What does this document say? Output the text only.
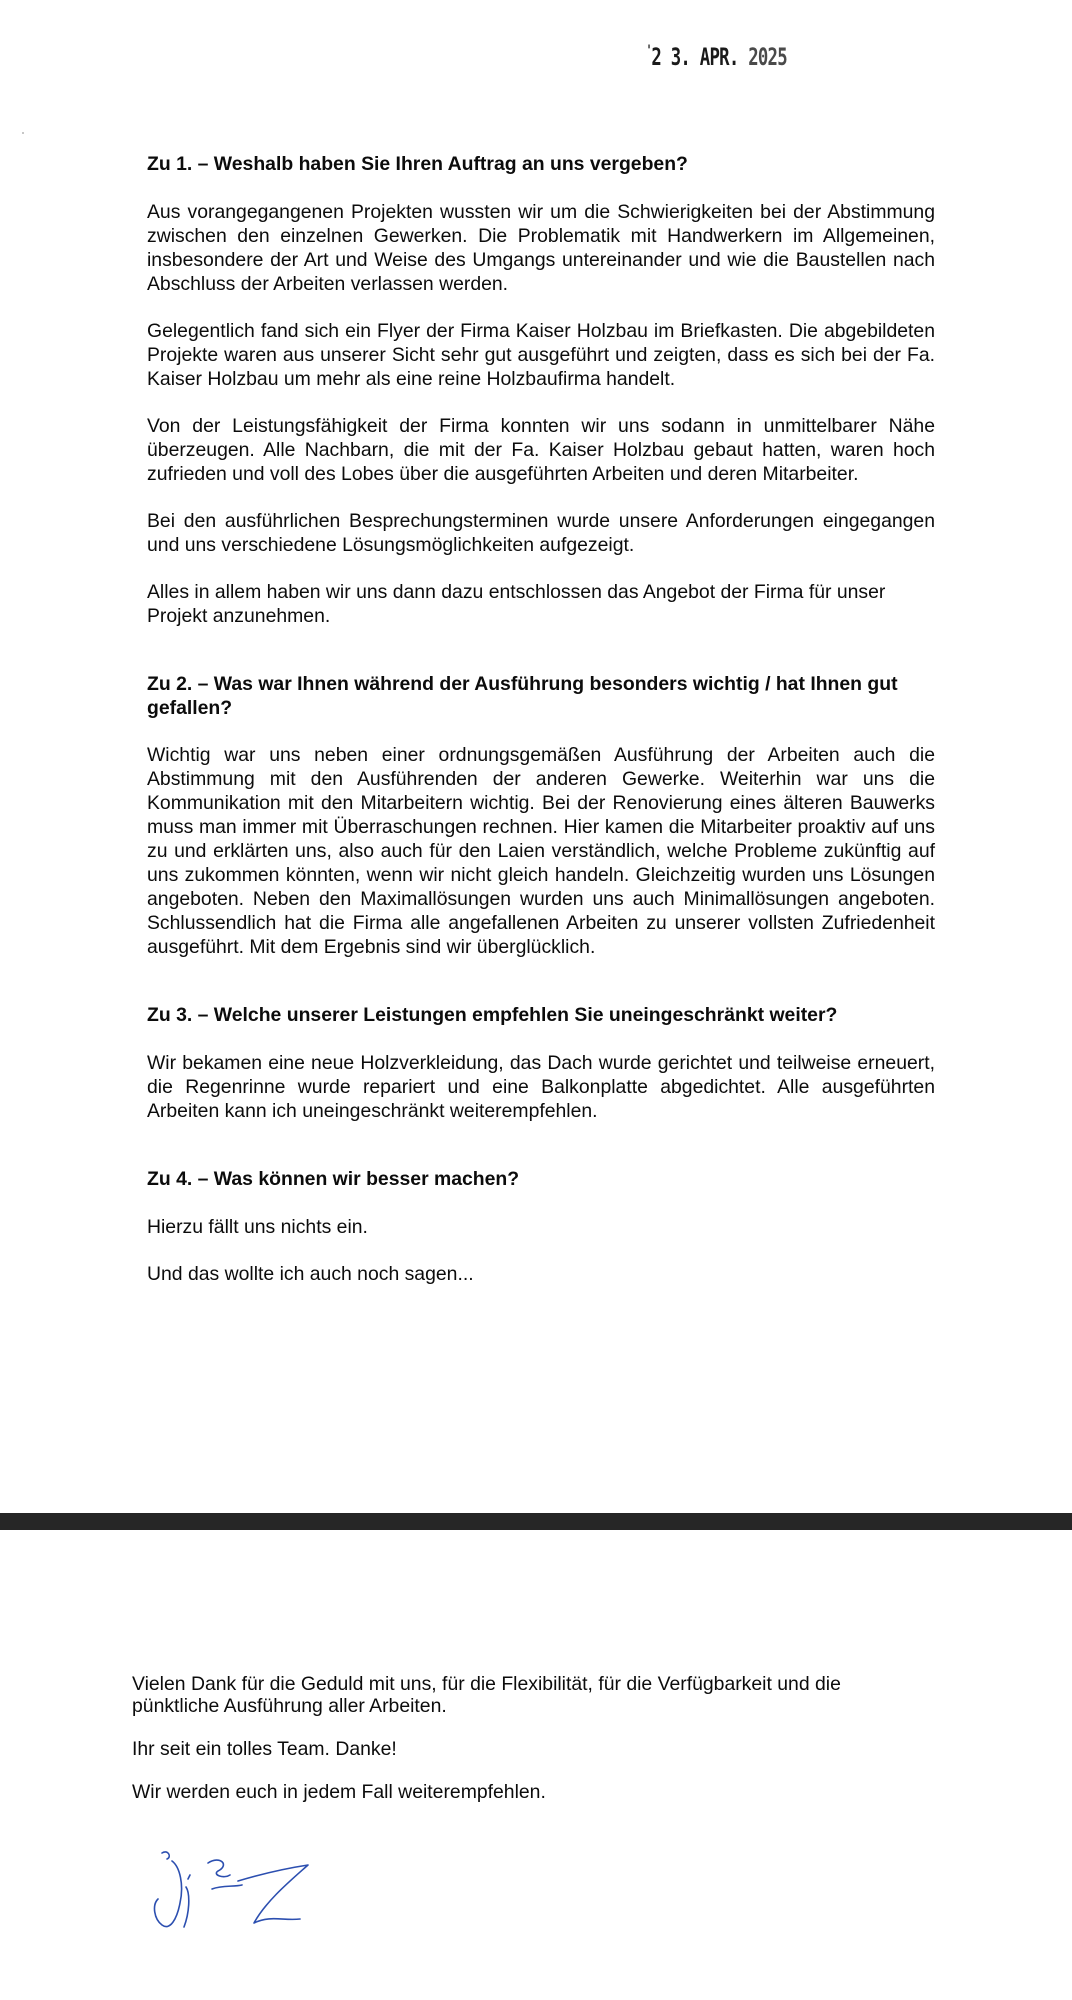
'2 3. APR. 2025
Zu 1. – Weshalb haben Sie Ihren Auftrag an uns vergeben?

Aus vorangegangenen Projekten wussten wir um die Schwierigkeiten bei der Abstimmung zwischen den einzelnen Gewerken. Die Problematik mit Handwerkern im Allgemeinen, insbesondere der Art und Weise des Umgangs untereinander und wie die Baustellen nach Abschluss der Arbeiten verlassen werden.

Gelegentlich fand sich ein Flyer der Firma Kaiser Holzbau im Briefkasten. Die abgebildeten Projekte waren aus unserer Sicht sehr gut ausgeführt und zeigten, dass es sich bei der Fa. Kaiser Holzbau um mehr als eine reine Holzbaufirma handelt.

Von der Leistungsfähigkeit der Firma konnten wir uns sodann in unmittelbarer Nähe überzeugen. Alle Nachbarn, die mit der Fa. Kaiser Holzbau gebaut hatten, waren hoch zufrieden und voll des Lobes über die ausgeführten Arbeiten und deren Mitarbeiter.

Bei den ausführlichen Besprechungsterminen wurde unsere Anforderungen eingegangen und uns verschiedene Lösungsmöglichkeiten aufgezeigt.

Alles in allem haben wir uns dann dazu entschlossen das Angebot der Firma für unser Projekt anzunehmen.

Zu 2. – Was war Ihnen während der Ausführung besonders wichtig / hat Ihnen gut gefallen?

Wichtig war uns neben einer ordnungsgemäßen Ausführung der Arbeiten auch die Abstimmung mit den Ausführenden der anderen Gewerke. Weiterhin war uns die Kommunikation mit den Mitarbeitern wichtig. Bei der Renovierung eines älteren Bauwerks muss man immer mit Überraschungen rechnen. Hier kamen die Mitarbeiter proaktiv auf uns zu und erklärten uns, also auch für den Laien verständlich, welche Probleme zukünftig auf uns zukommen könnten, wenn wir nicht gleich handeln. Gleichzeitig wurden uns Lösungen angeboten. Neben den Maximallösungen wurden uns auch Minimallösungen angeboten. Schlussendlich hat die Firma alle angefallenen Arbeiten zu unserer vollsten Zufriedenheit ausgeführt. Mit dem Ergebnis sind wir überglücklich.

Zu 3. – Welche unserer Leistungen empfehlen Sie uneingeschränkt weiter?

Wir bekamen eine neue Holzverkleidung, das Dach wurde gerichtet und teilweise erneuert, die Regenrinne wurde repariert und eine Balkonplatte abgedichtet. Alle ausgeführten Arbeiten kann ich uneingeschränkt weiterempfehlen.

Zu 4. – Was können wir besser machen?

Hierzu fällt uns nichts ein.

Und das wollte ich auch noch sagen...

Vielen Dank für die Geduld mit uns, für die Flexibilität, für die Verfügbarkeit und die pünktliche Ausführung aller Arbeiten.

Ihr seit ein tolles Team. Danke!

Wir werden euch in jedem Fall weiterempfehlen.
